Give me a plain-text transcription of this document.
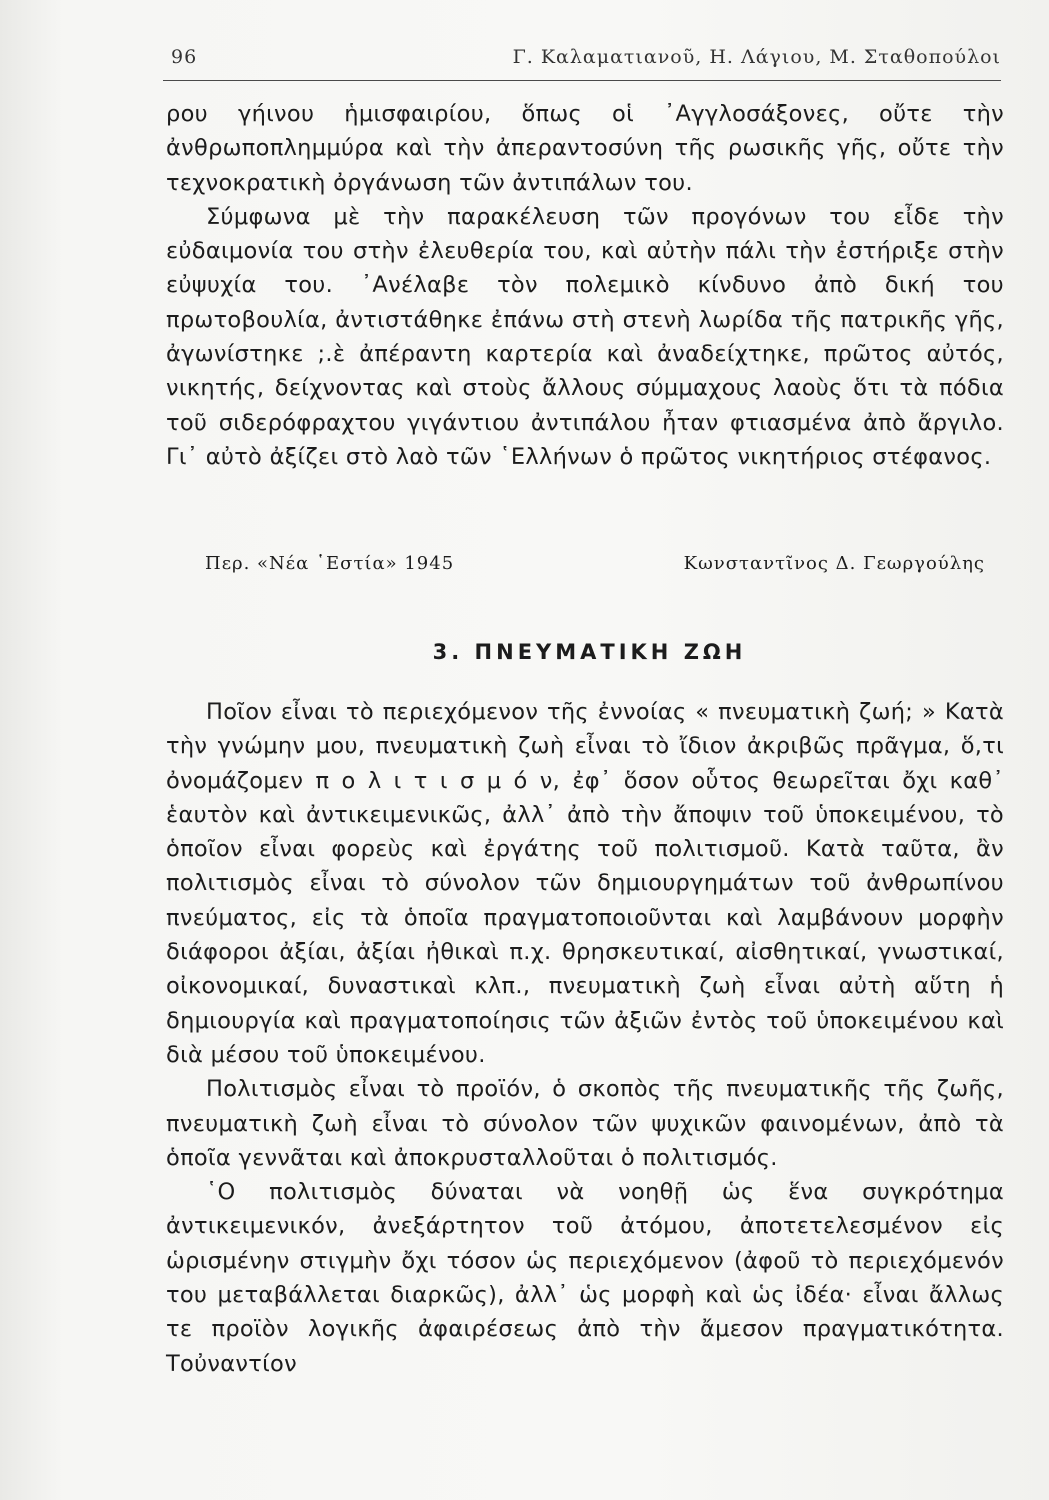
96	Γ. Καλαματιανοῦ, Η. Λάγιου, Μ. Σταθοπούλοι

ρου γήινου ἡμισφαιρίου, ὅπως οἱ ᾿Αγγλοσάξονες, οὔτε τὴν ἀνθρωποπλημμύρα καὶ τὴν ἀπεραντοσύνη τῆς ρωσικῆς γῆς, οὔτε τὴν τεχνοκρατικὴ ὀργάνωση τῶν ἀντιπάλων του.

Σύμφωνα μὲ τὴν παρακέλευση τῶν προγόνων του εἶδε τὴν εὐδαιμονία του στὴν ἐλευθερία του, καὶ αὐτὴν πάλι τὴν ἐστήριξε στὴν εὐψυχία του. ᾿Ανέλαβε τὸν πολεμικὸ κίνδυνο ἀπὸ δική του πρωτοβουλία, ἀντιστάθηκε ἐπάνω στὴ στενὴ λωρίδα τῆς πατρικῆς γῆς, ἀγωνίστηκε ;.ὲ ἀπέραντη καρτερία καὶ ἀναδείχτηκε, πρῶτος αὐτός, νικητής, δείχνοντας καὶ στοὺς ἄλλους σύμμαχους λαοὺς ὅτι τὰ πόδια τοῦ σιδερόφραχτου γιγάντιου ἀντιπάλου ἦταν φτιασμένα ἀπὸ ἄργιλο. Γι᾿ αὐτὸ ἀξίζει στὸ λαὸ τῶν ῾Ελλήνων ὁ πρῶτος νικητήριος στέφανος.

Περ. «Νέα ῾Εστία» 1945	Κωνσταντῖνος Δ. Γεωργούλης
3. ΠΝΕΥΜΑΤΙΚΗ ΖΩΗ

Ποῖον εἶναι τὸ περιεχόμενον τῆς ἐννοίας « πνευματικὴ ζωή; » Κατὰ τὴν γνώμην μου, πνευματικὴ ζωὴ εἶναι τὸ ἴδιον ἀκριβῶς πρᾶγμα, ὅ,τι ὀνομάζομεν π ο λ ι τ ι σ μ ό ν, ἐφ᾿ ὅσον οὗτος θεωρεῖται ὄχι καθ᾿ ἑαυτὸν καὶ ἀντικειμενικῶς, ἀλλ᾿ ἀπὸ τὴν ἄποψιν τοῦ ὑποκειμένου, τὸ ὁποῖον εἶναι φορεὺς καὶ ἐργάτης τοῦ πολιτισμοῦ. Κατὰ ταῦτα, ἂν πολιτισμὸς εἶναι τὸ σύνολον τῶν δημιουργημάτων τοῦ ἀνθρωπίνου πνεύματος, εἰς τὰ ὁποῖα πραγματοποιοῦνται καὶ λαμβάνουν μορφὴν διάφοροι ἀξίαι, ἀξίαι ἠθικαὶ π.χ. θρησκευτικαί, αἰσθητικαί, γνωστικαί, οἰκονομικαί, δυναστικαὶ κλπ., πνευματικὴ ζωὴ εἶναι αὐτὴ αὕτη ἡ δημιουργία καὶ πραγματοποίησις τῶν ἀξιῶν ἐντὸς τοῦ ὑποκειμένου καὶ διὰ μέσου τοῦ ὑποκειμένου.

Πολιτισμὸς εἶναι τὸ προϊόν, ὁ σκοπὸς τῆς πνευματικῆς τῆς ζωῆς, πνευματικὴ ζωὴ εἶναι τὸ σύνολον τῶν ψυχικῶν φαινομένων, ἀπὸ τὰ ὁποῖα γεννᾶται καὶ ἀποκρυσταλλοῦται ὁ πολιτισμός.

῾Ο πολιτισμὸς δύναται νὰ νοηθῇ ὡς ἕνα συγκρότημα ἀντικειμενικόν, ἀνεξάρτητον τοῦ ἀτόμου, ἀποτετελεσμένον εἰς ὡρισμένην στιγμὴν ὄχι τόσον ὡς περιεχόμενον (ἀφοῦ τὸ περιεχόμενόν του μεταβάλλεται διαρκῶς), ἀλλ᾿ ὡς μορφὴ καὶ ὡς ἰδέα· εἶναι ἄλλως τε προϊὸν λογικῆς ἀφαιρέσεως ἀπὸ τὴν ἄμεσον πραγματικότητα. Τοὐναντίον
